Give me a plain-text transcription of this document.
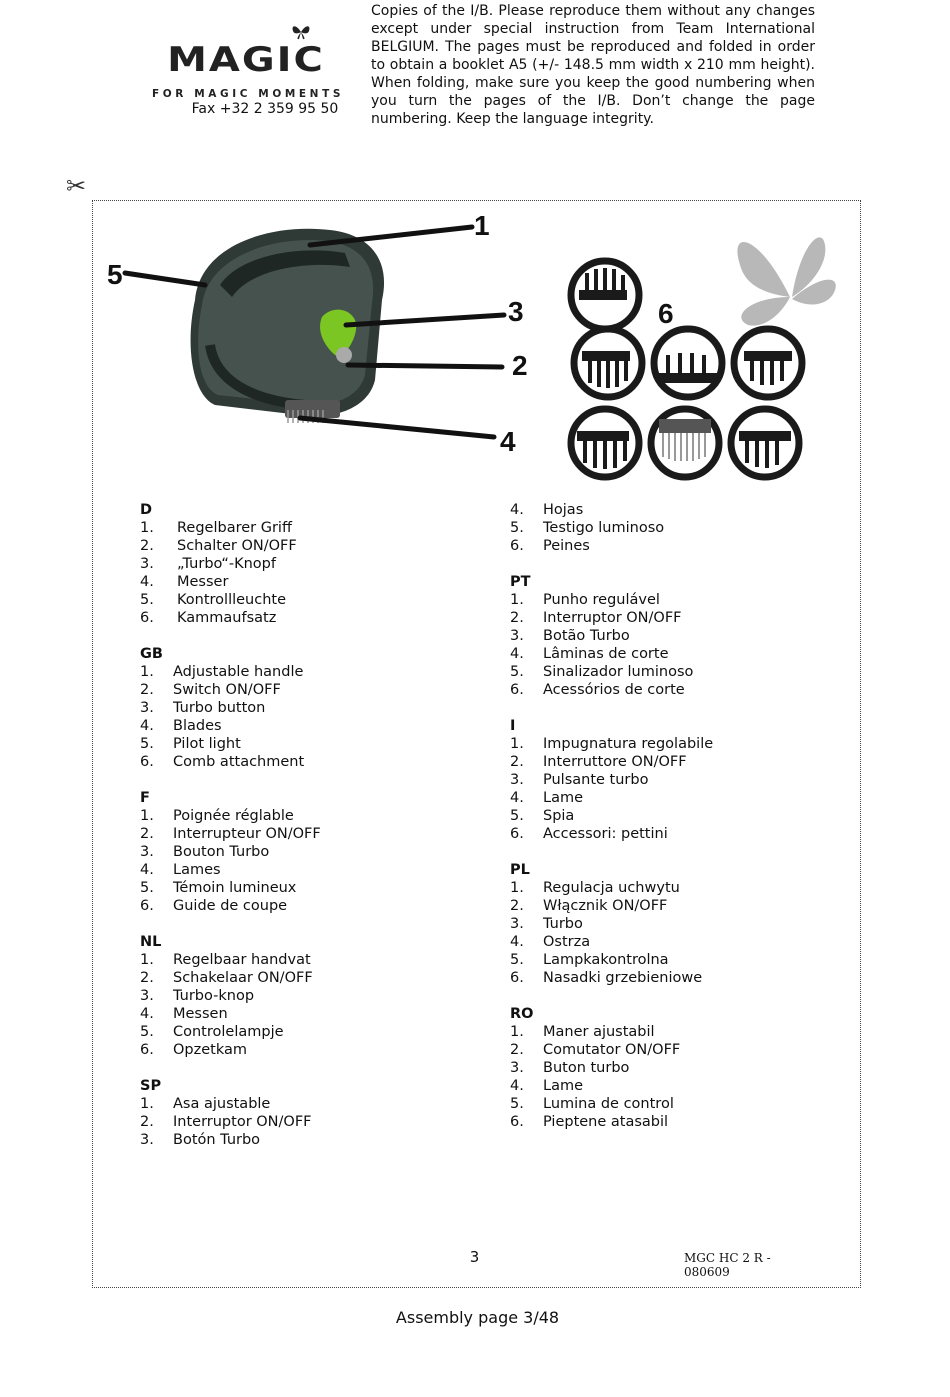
MAGIC
FOR MAGIC MOMENTS
Fax +32 2 359 95 50
Copies of the I/B. Please reproduce them without any changes except under special instruction from Team International BELGIUM. The pages must be reproduced and folded in order to obtain a booklet A5 (+/- 148.5 mm width x 210 mm height). When folding, make sure you keep the good numbering when you turn the pages of the I/B. Don’t change the page numbering. Keep the language integrity.
✂
1
5
3
2
4
6
D
1.	Regelbarer Griff
2.	Schalter ON/OFF
3.	„Turbo“-Knopf
4.	Messer
5.	Kontrollleuchte
6.	Kammaufsatz
GB
1.	Adjustable handle
2.	Switch ON/OFF
3.	Turbo button
4.	Blades
5.	Pilot light
6.	Comb attachment
F
1.	Poignée réglable
2.	Interrupteur ON/OFF
3.	Bouton Turbo
4.	Lames
5.	Témoin lumineux
6.	Guide de coupe
NL
1.	Regelbaar handvat
2.	Schakelaar ON/OFF
3.	Turbo-knop
4.	Messen
5.	Controlelampje
6.	Opzetkam
SP
1.	Asa ajustable
2.	Interruptor ON/OFF
3.	Botón Turbo
4.	Hojas
5.	Testigo luminoso
6.	Peines
PT
1.	Punho regulável
2.	Interruptor ON/OFF
3.	Botão Turbo
4.	Lâminas de corte
5.	Sinalizador luminoso
6.	Acessórios de corte
I
1.	Impugnatura regolabile
2.	Interruttore ON/OFF
3.	Pulsante turbo
4.	Lame
5.	Spia
6.	Accessori: pettini
PL
1.	Regulacja uchwytu
2.	Włącznik ON/OFF
3.	Turbo
4.	Ostrza
5.	Lampkakontrolna
6.	Nasadki grzebieniowe
RO
1.	Maner ajustabil
2.	Comutator ON/OFF
3.	Buton turbo
4.	Lame
5.	Lumina de control
6.	Pieptene atasabil
3	MGC HC 2 R - 080609
Assembly page 3/48
